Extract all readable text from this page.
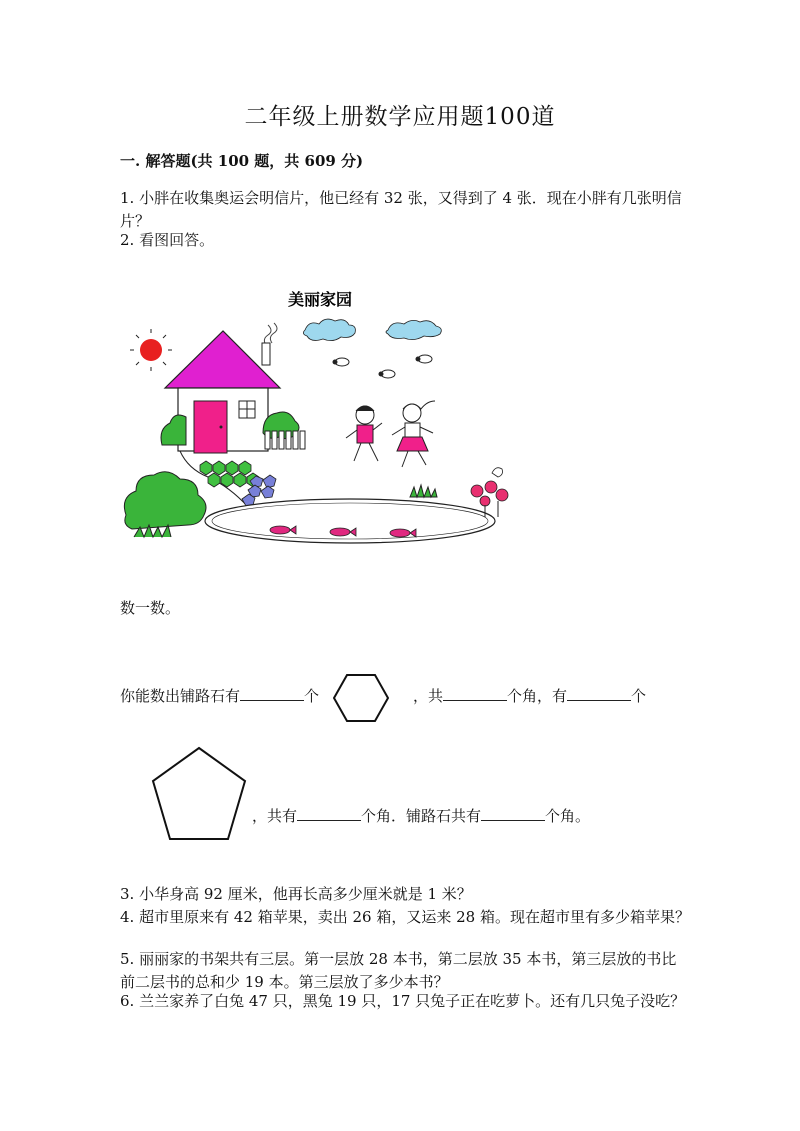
二年级上册数学应用题100道
一. 解答题(共 100 题，共 609 分)
1. 小胖在收集奥运会明信片，他已经有 32 张，又得到了 4 张．现在小胖有几张明信片？
2. 看图回答。
美丽家园
数一数。
你能数出铺路石有	个	，共	个角，有	个
，共有	个角．铺路石共有	个角。
3. 小华身高 92 厘米，他再长高多少厘米就是 1 米？
4. 超市里原来有 42 箱苹果，卖出 26 箱，又运来 28 箱。现在超市里有多少箱苹果？
5. 丽丽家的书架共有三层。第一层放 28 本书，第二层放 35 本书，第三层放的书比前二层书的总和少 19 本。第三层放了多少本书？
6. 兰兰家养了白兔 47 只，黑兔 19 只，17 只兔子正在吃萝卜。还有几只兔子没吃？
